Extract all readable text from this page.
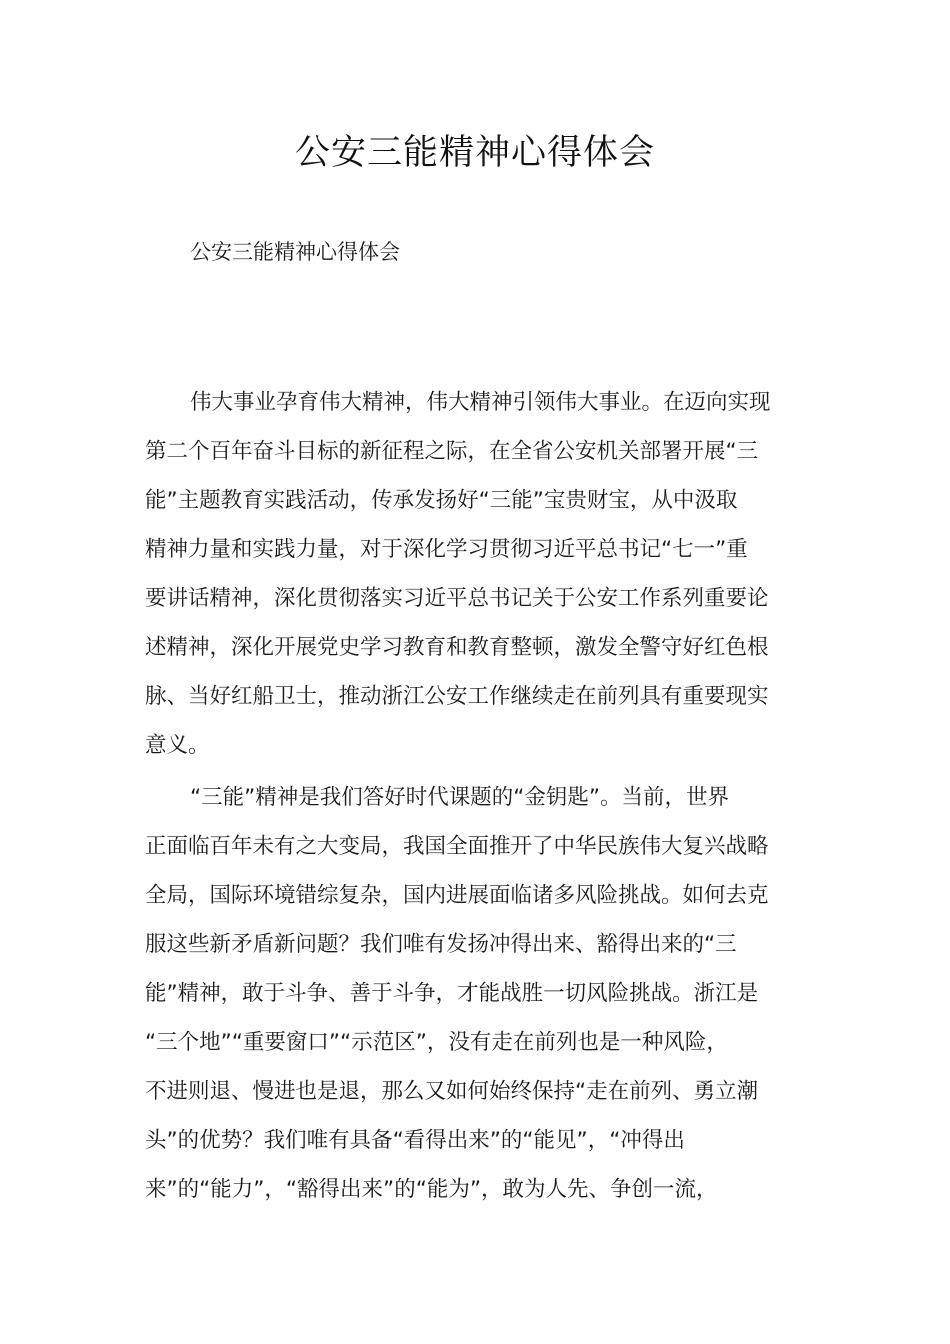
公安三能精神心得体会
公安三能精神心得体会
伟大事业孕育伟大精神，伟大精神引领伟大事业。在迈向实现
第二个百年奋斗目标的新征程之际，在全省公安机关部署开展“三
能”主题教育实践活动，传承发扬好“三能”宝贵财宝，从中汲取
精神力量和实践力量，对于深化学习贯彻习近平总书记“七一”重
要讲话精神，深化贯彻落实习近平总书记关于公安工作系列重要论
述精神，深化开展党史学习教育和教育整顿，激发全警守好红色根
脉、当好红船卫士，推动浙江公安工作继续走在前列具有重要现实
意义。
“三能”精神是我们答好时代课题的“金钥匙”。当前，世界
正面临百年未有之大变局，我国全面推开了中华民族伟大复兴战略
全局，国际环境错综复杂，国内进展面临诸多风险挑战。如何去克
服这些新矛盾新问题？我们唯有发扬冲得出来、豁得出来的“三
能”精神，敢于斗争、善于斗争，才能战胜一切风险挑战。浙江是
“三个地”“重要窗口”“示范区”，没有走在前列也是一种风险，
不进则退、慢进也是退，那么又如何始终保持“走在前列、勇立潮
头”的优势？我们唯有具备“看得出来”的“能见”，“冲得出
来”的“能力”，“豁得出来”的“能为”，敢为人先、争创一流，
